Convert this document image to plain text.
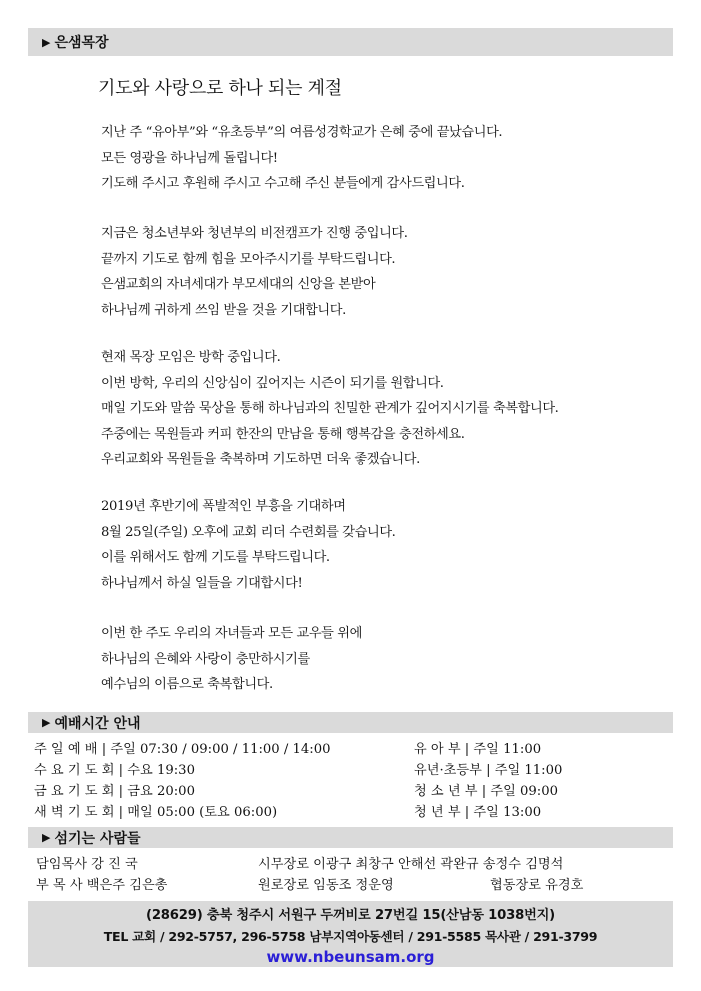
▶ 은샘목장
기도와 사랑으로 하나 되는 계절
지난 주 “유아부”와 “유초등부”의 여름성경학교가 은혜 중에 끝났습니다.
모든 영광을 하나님께 돌립니다!
기도해 주시고 후원해 주시고 수고해 주신 분들에게 감사드립니다.
지금은 청소년부와 청년부의 비전캠프가 진행 중입니다.
끝까지 기도로 함께 힘을 모아주시기를 부탁드립니다.
은샘교회의 자녀세대가 부모세대의 신앙을 본받아
하나님께 귀하게 쓰임 받을 것을 기대합니다.
현재 목장 모임은 방학 중입니다.
이번 방학, 우리의 신앙심이 깊어지는 시즌이 되기를 원합니다.
매일 기도와 말씀 묵상을 통해 하나님과의 친밀한 관계가 깊어지시기를 축복합니다.
주중에는 목원들과 커피 한잔의 만남을 통해 행복감을 충전하세요.
우리교회와 목원들을 축복하며 기도하면 더욱 좋겠습니다.
2019년 후반기에 폭발적인 부흥을 기대하며
8월 25일(주일) 오후에 교회 리더 수련회를 갖습니다.
이를 위해서도 함께 기도를 부탁드립니다.
하나님께서 하실 일들을 기대합시다!
이번 한 주도 우리의 자녀들과 모든 교우들 위에
하나님의 은혜와 사랑이 충만하시기를
예수님의 이름으로 축복합니다.
▶ 예배시간 안내
주 일 예 배 | 주일 07:30 / 09:00 / 11:00 / 14:00	유 아 부 | 주일 11:00
수 요 기 도 회 | 수요 19:30	유년·초등부 | 주일 11:00
금 요 기 도 회 | 금요 20:00	청 소 년 부 | 주일 09:00
새 벽 기 도 회 | 매일 05:00 (토요 06:00)	청 년 부 | 주일 13:00
▶ 섬기는 사람들
담임목사 강 진 국	시무장로 이광구 최창구 안해선 곽완규 송정수 김명석
부 목 사 백은주 김은총	원로장로 임동조 정운영	협동장로 유경호
(28629) 충북 청주시 서원구 두꺼비로 27번길 15(산남동 1038번지)
TEL 교회 / 292-5757, 296-5758 남부지역아동센터 / 291-5585 목사관 / 291-3799
www.nbeunsam.org
